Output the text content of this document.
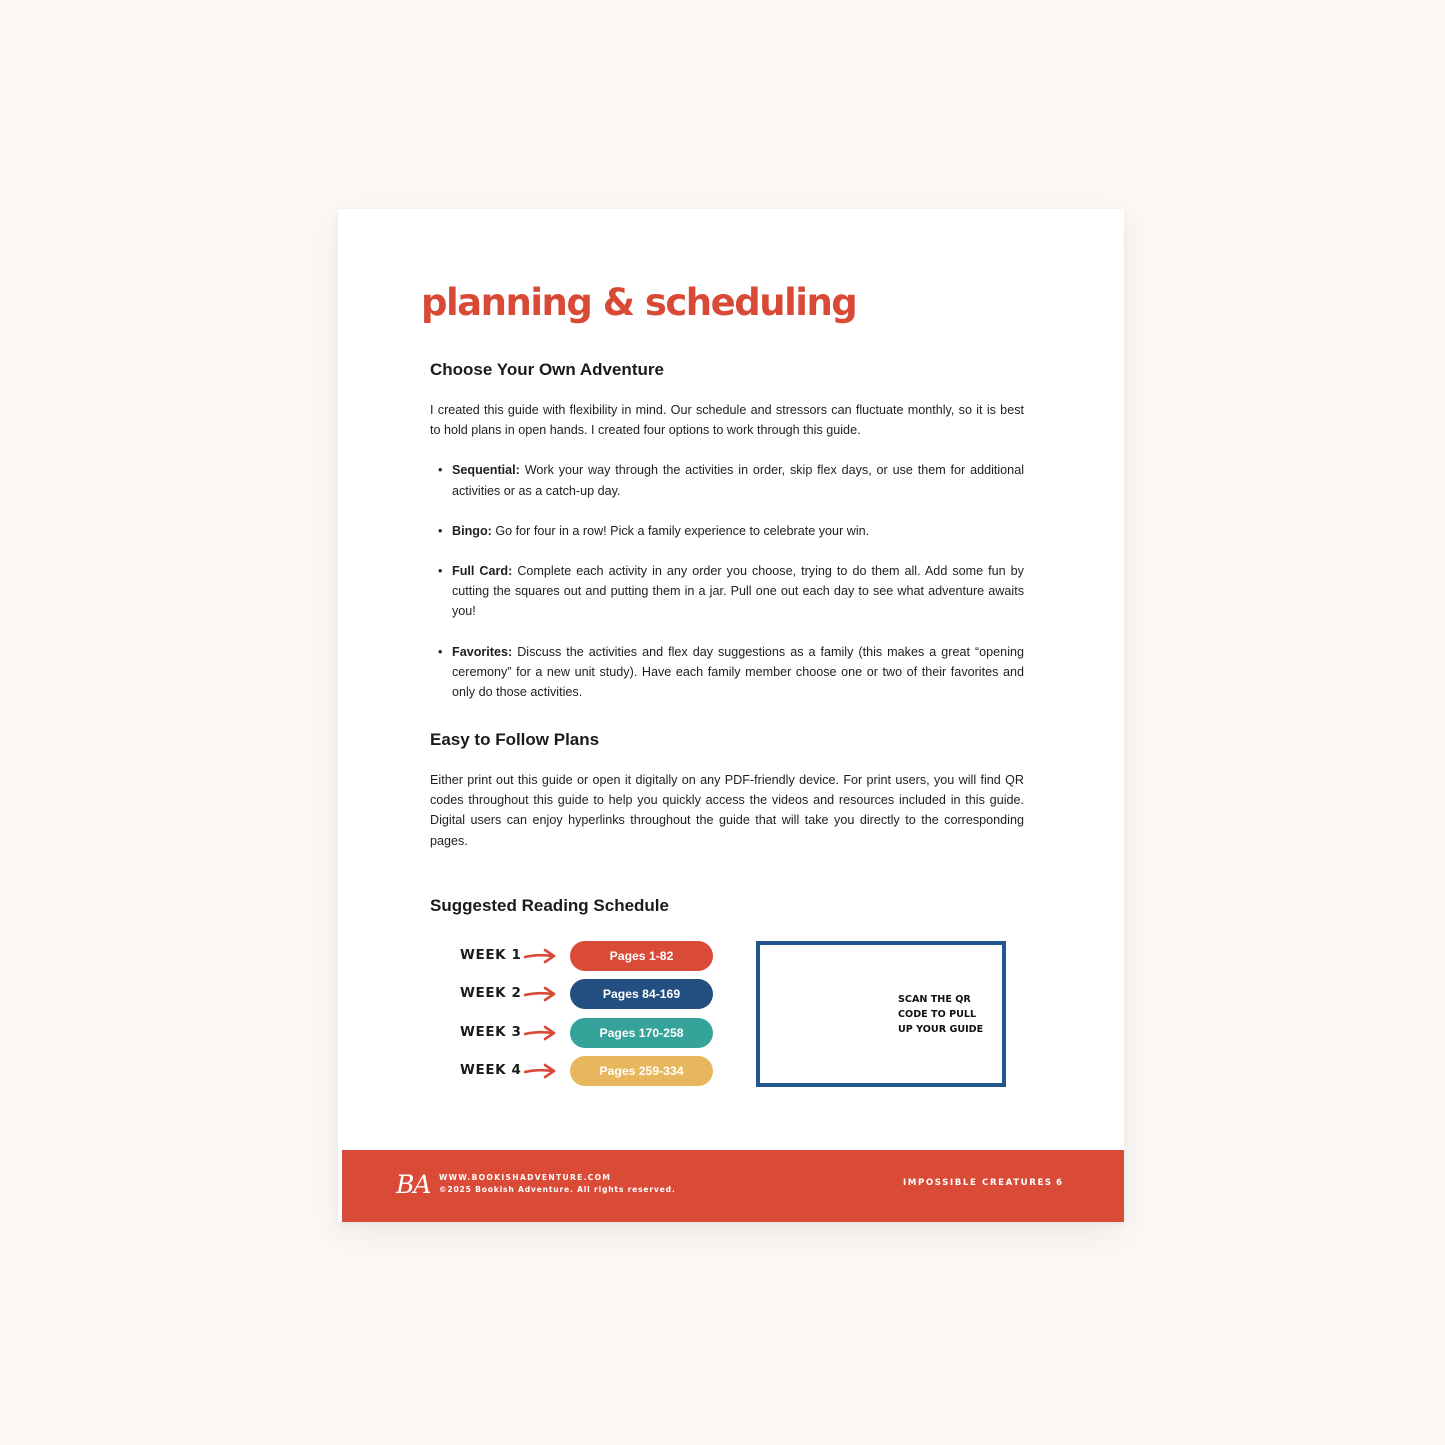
planning & scheduling
Choose Your Own Adventure

I created this guide with flexibility in mind. Our schedule and stressors can fluctuate monthly, so it is best to hold plans in open hands. I created four options to work through this guide.

• Sequential: Work your way through the activities in order, skip flex days, or use them for additional activities or as a catch-up day.
• Bingo: Go for four in a row! Pick a family experience to celebrate your win.
• Full Card: Complete each activity in any order you choose, trying to do them all. Add some fun by cutting the squares out and putting them in a jar. Pull one out each day to see what adventure awaits you!
• Favorites: Discuss the activities and flex day suggestions as a family (this makes a great “opening ceremony” for a new unit study). Have each family member choose one or two of their favorites and only do those activities.
Easy to Follow Plans

Either print out this guide or open it digitally on any PDF-friendly device. For print users, you will find QR codes throughout this guide to help you quickly access the videos and resources included in this guide. Digital users can enjoy hyperlinks throughout the guide that will take you directly to the corresponding pages.

Suggested Reading Schedule
WEEK 1	Pages 1-82
WEEK 2	Pages 84-169
WEEK 3	Pages 170-258
WEEK 4	Pages 259-334
SCAN THE QR
CODE TO PULL
UP YOUR GUIDE
BA WWW.BOOKISHADVENTURE.COM
©2025 Bookish Adventure. All rights reserved.
IMPOSSIBLE CREATURES 6
